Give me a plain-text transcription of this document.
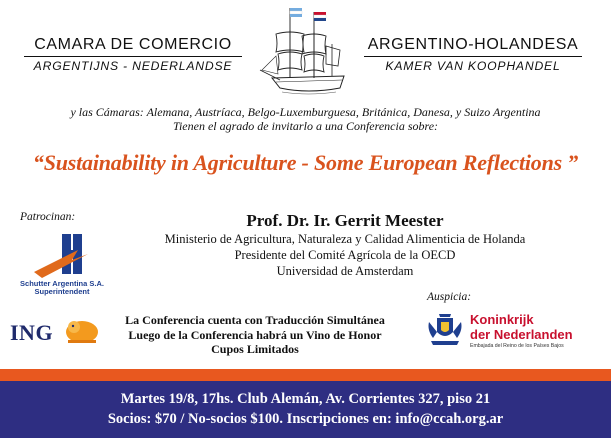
CAMARA DE COMERCIO
ARGENTIJNS - NEDERLANDSE
ARGENTINO-HOLANDESA
KAMER VAN KOOPHANDEL
y las Cámaras: Alemana, Austríaca, Belgo-Luxemburguesa, Británica, Danesa, y Suizo Argentina
Tienen el agrado de invitarlo a una Conferencia sobre:
“Sustainability in Agriculture - Some European Reflections ”
Patrocinan:
Auspicia:
Prof. Dr. Ir. Gerrit Meester
Ministerio de Agricultura, Naturaleza y Calidad Alimenticia de Holanda
Presidente del Comité Agrícola de la OECD
Universidad de Amsterdam
Schutter Argentina S.A.
Superintendent
ING	La Conferencia cuenta con Traducción Simultánea
Luego de la Conferencia habrá un Vino de Honor
Cupos Limitados
Koninkrijk
der Nederlanden
Embajada del Reino de los Países Bajos
Martes 19/8, 17hs. Club Alemán, Av. Corrientes 327, piso 21
Socios: $70 / No-socios $100. Inscripciones en: info@ccah.org.ar
